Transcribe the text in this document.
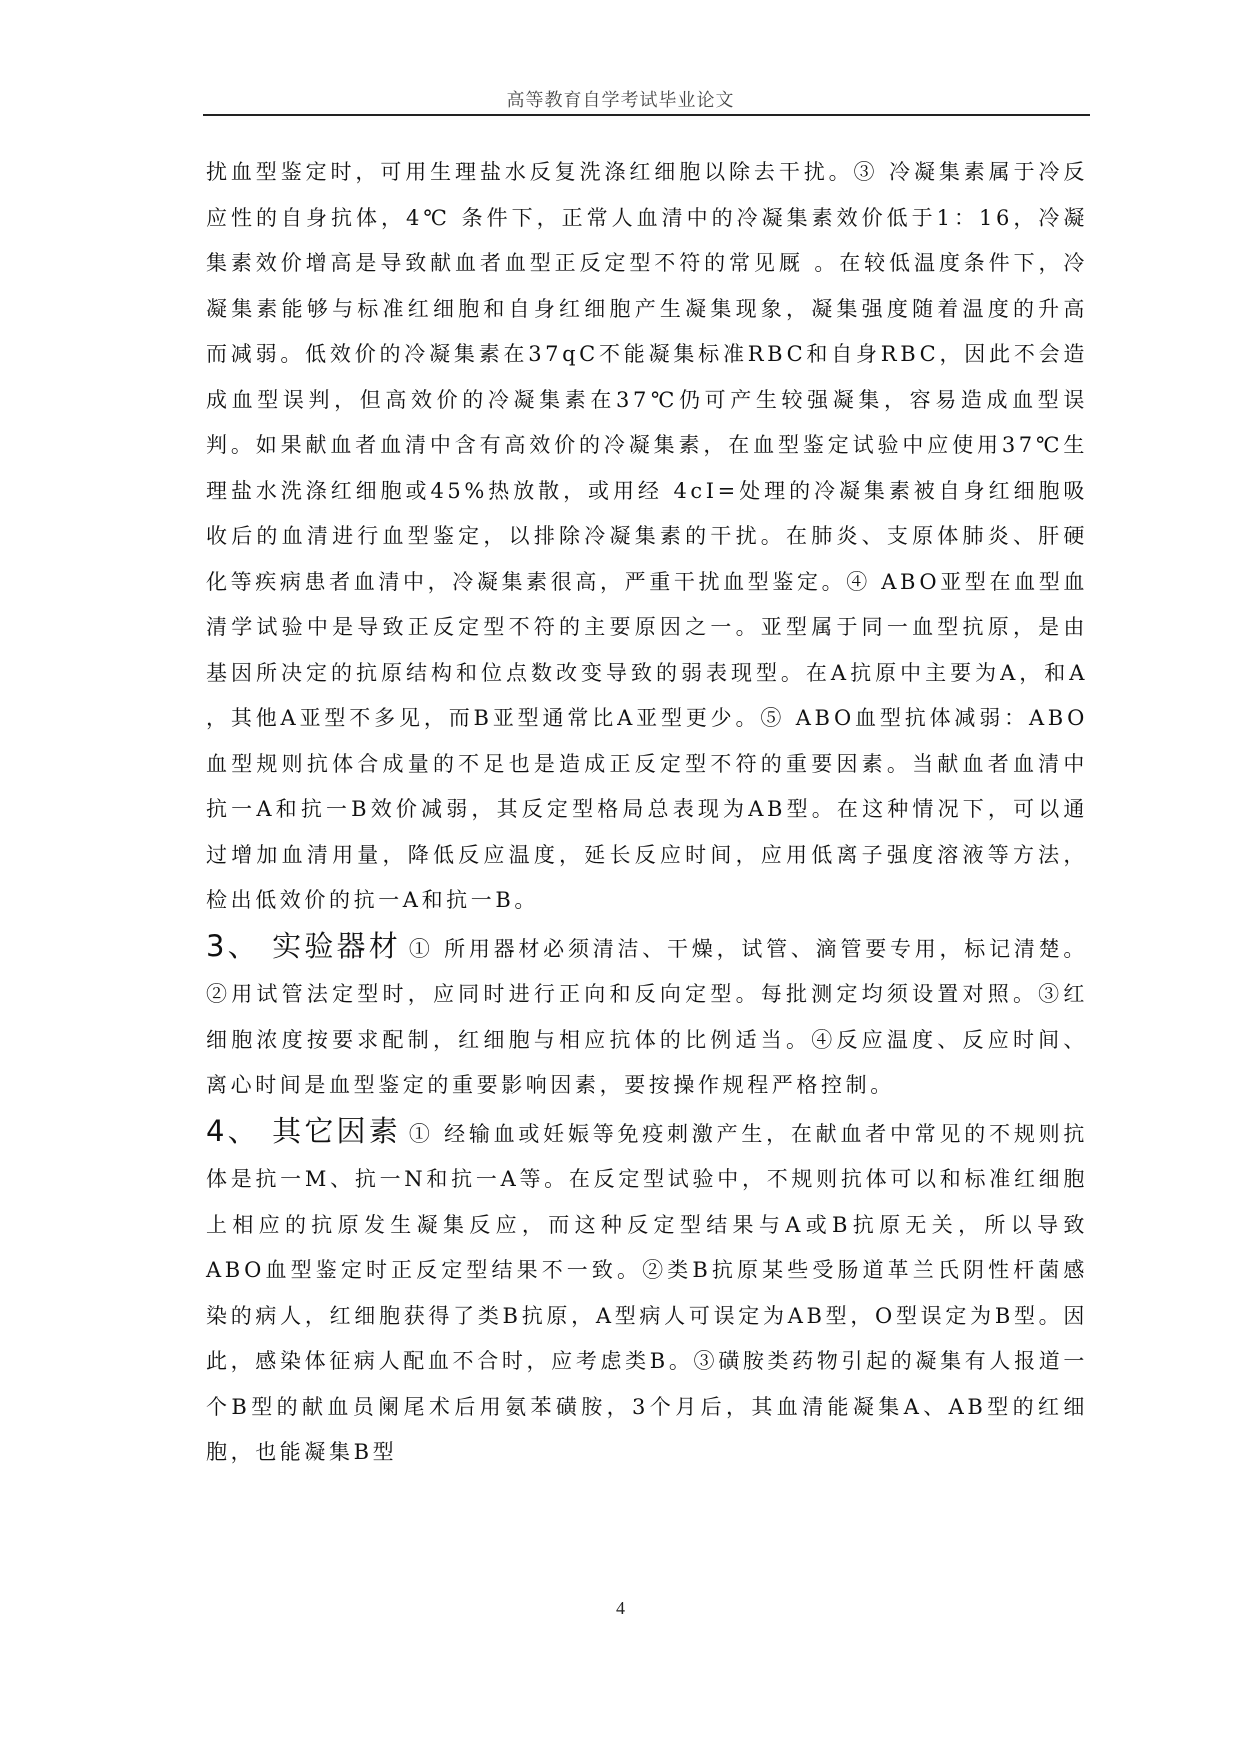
高等教育自学考试毕业论文

扰血型鉴定时，可用生理盐水反复洗涤红细胞以除去干扰。③ 冷凝集素属于冷反应性的自身抗体，4℃ 条件下，正常人血清中的冷凝集素效价低于1：16，冷凝集素效价增高是导致献血者血型正反定型不符的常见厩 。在较低温度条件下，冷凝集素能够与标准红细胞和自身红细胞产生凝集现象，凝集强度随着温度的升高而减弱。低效价的冷凝集素在37qC不能凝集标准RBC和自身RBC，因此不会造成血型误判，但高效价的冷凝集素在37℃仍可产生较强凝集，容易造成血型误判。如果献血者血清中含有高效价的冷凝集素，在血型鉴定试验中应使用37℃生理盐水洗涤红细胞或45%热放散，或用经 4cI=处理的冷凝集素被自身红细胞吸收后的血清进行血型鉴定，以排除冷凝集素的干扰。在肺炎、支原体肺炎、肝硬化等疾病患者血清中，冷凝集素很高，严重干扰血型鉴定。④ ABO亚型在血型血清学试验中是导致正反定型不符的主要原因之一。亚型属于同一血型抗原，是由基因所决定的抗原结构和位点数改变导致的弱表现型。在A抗原中主要为A，和A ，其他A亚型不多见，而B亚型通常比A亚型更少。⑤ ABO血型抗体减弱：ABO血型规则抗体合成量的不足也是造成正反定型不符的重要因素。当献血者血清中抗一A和抗一B效价减弱，其反定型格局总表现为AB型。在这种情况下，可以通过增加血清用量，降低反应温度，延长反应时间，应用低离子强度溶液等方法，检出低效价的抗一A和抗一B。

3、 实验器材 ① 所用器材必须清洁、干燥，试管、滴管要专用，标记清楚。②用试管法定型时，应同时进行正向和反向定型。每批测定均须设置对照。③红细胞浓度按要求配制，红细胞与相应抗体的比例适当。④反应温度、反应时间、离心时间是血型鉴定的重要影响因素，要按操作规程严格控制。

4、 其它因素 ① 经输血或妊娠等免疫刺激产生，在献血者中常见的不规则抗体是抗一M、抗一N和抗一A等。在反定型试验中，不规则抗体可以和标准红细胞上相应的抗原发生凝集反应，而这种反定型结果与A或B抗原无关，所以导致ABO血型鉴定时正反定型结果不一致。②类B抗原某些受肠道革兰氏阴性杆菌感染的病人，红细胞获得了类B抗原，A型病人可误定为AB型，O型误定为B型。因此，感染体征病人配血不合时，应考虑类B。③磺胺类药物引起的凝集有人报道一个B型的献血员阑尾术后用氨苯磺胺，3个月后，其血清能凝集A、AB型的红细胞，也能凝集B型

4
